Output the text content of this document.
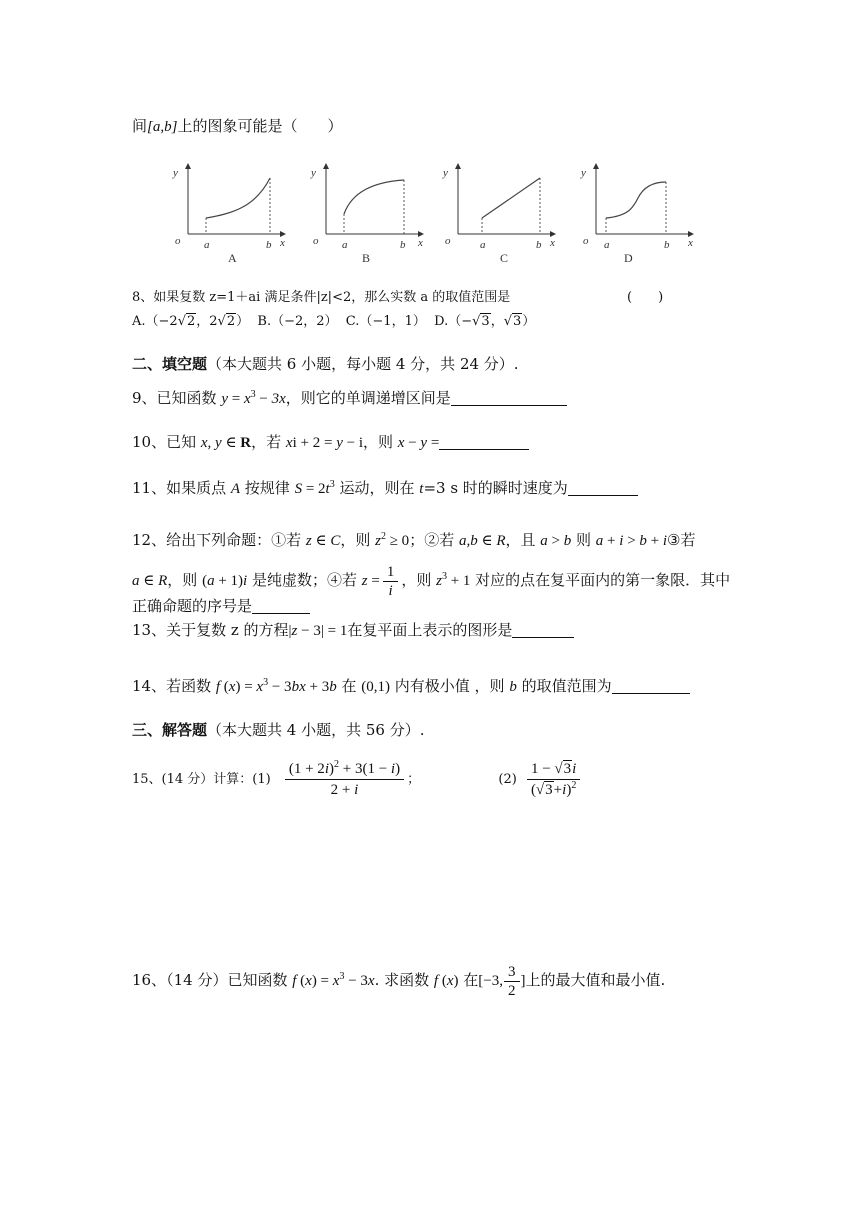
间[a,b]上的图象可能是（　　）
y
o a	b x
A
y
o a	b x
B
y
o	a	b x
C
y
o a	b x
D
8、如果复数 z=1＋ai 满足条件|z|<2，那么实数 a 的取值范围是	(　　)
A.（−2√2，2√2） B.（−2，2） C.（−1，1） D.（−√3，√3）
二、填空题（本大题共 6 小题，每小题 4 分，共 24 分）.
9、已知函数 $y = x^3 - 3x$，则它的单调递增区间是
10、已知 x, y ∈ R，若 xi + 2 = y − i，则 x − y =
11、如果质点 A 按规律 $S = 2t^3$ 运动，则在 t=3 s 时的瞬时速度为
12、给出下列命题：①若 z ∈ C，则 $z^2 \ge 0$；②若 a,b ∈ R，且 a > b 则 a + i > b + i③若
a ∈ R，则 (a + 1)i 是纯虚数；④若 $z = \frac{1}{i}$ ，则 $z^3 + 1$ 对应的点在复平面内的第一象限．其中
正确命题的序号是
13、关于复数 z 的方程|z − 3| = 1在复平面上表示的图形是
14、若函数 f $(x) = x^3 - 3bx + 3b$ 在 (0,1) 内有极小值 ，则 b 的取值范围为
三、解答题（本大题共 4 小题，共 56 分）.
15、(14 分）计算：$(1) \frac{(1 + 2i)^2 + 3(1 - i)}{2 + i}$ ；	$(2) \frac{1 - √3i}{(√3+i)^2}$
16、（14 分）已知函数 f $(x) = x^3 - 3x$. 求函数 f (x) 在[−3, $\frac{3}{2}$ ]上的最大值和最小值.
